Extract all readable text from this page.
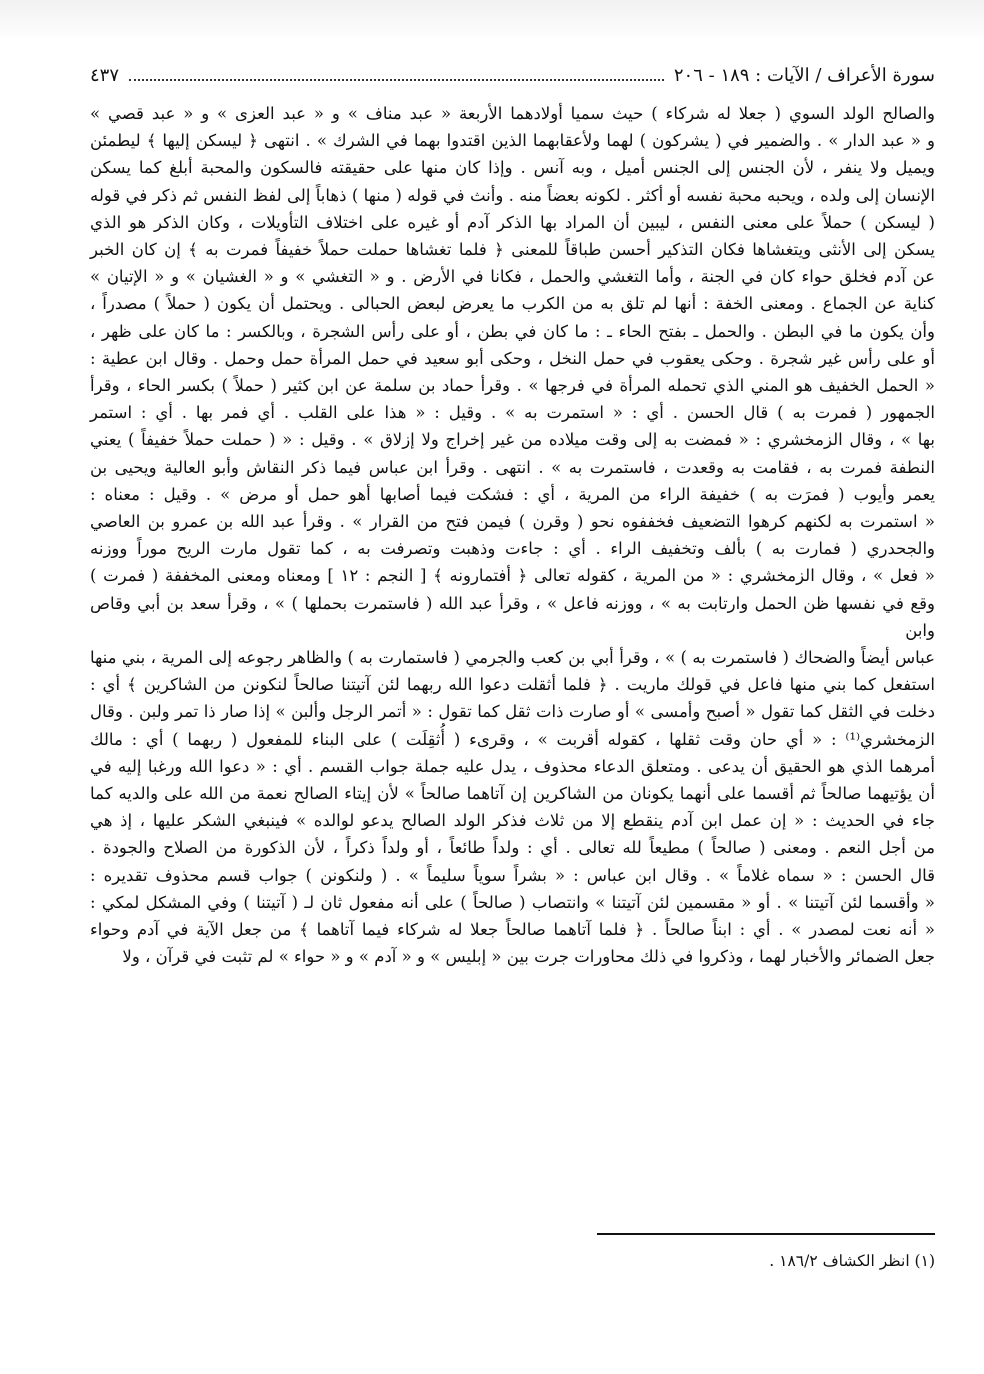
سورة الأعراف / الآيات : ١٨٩ - ٢٠٦
٤٣٧

والصالح الولد السوي ( جعلا له شركاء ) حيث سميا أولادهما الأربعة « عبد مناف » و « عبد العزى » و « عبد قصي »

و « عبد الدار » . والضمير في ( يشركون ) لهما ولأعقابهما الذين اقتدوا بهما في الشرك » . انتهى ﴿ ليسكن إليها ﴾ ليطمئن

ويميل ولا ينفر ، لأن الجنس إلى الجنس أميل ، وبه آنس . وإذا كان منها على حقيقته فالسكون والمحبة أبلغ كما يسكن

الإنسان إلى ولده ، ويحبه محبة نفسه أو أكثر . لكونه بعضاً منه . وأنث في قوله ( منها ) ذهاباً إلى لفظ النفس ثم ذكر في قوله

( ليسكن ) حملاً على معنى النفس ، ليبين أن المراد بها الذكر آدم أو غيره على اختلاف التأويلات ، وكان الذكر هو الذي

يسكن إلى الأنثى ويتغشاها فكان التذكير أحسن طباقاً للمعنى ﴿ فلما تغشاها حملت حملاً خفيفاً فمرت به ﴾ إن كان الخبر

عن آدم فخلق حواء كان في الجنة ، وأما التغشي والحمل ، فكانا في الأرض . و « التغشي » و « الغشيان » و « الإتيان »

كناية عن الجماع . ومعنى الخفة : أنها لم تلق به من الكرب ما يعرض لبعض الحبالى . ويحتمل أن يكون ( حملاً ) مصدراً ،

وأن يكون ما في البطن . والحمل ـ بفتح الحاء ـ : ما كان في بطن ، أو على رأس الشجرة ، وبالكسر : ما كان على ظهر ،

أو على رأس غير شجرة . وحكى يعقوب في حمل النخل ، وحكى أبو سعيد في حمل المرأة حمل وحمل . وقال ابن عطية :

« الحمل الخفيف هو المني الذي تحمله المرأة في فرجها » . وقرأ حماد بن سلمة عن ابن كثير ( حملاً ) بكسر الحاء ، وقرأ

الجمهور ( فمرت به ) قال الحسن . أي : « استمرت به » . وقيل : « هذا على القلب . أي فمر بها . أي : استمر

بها » ، وقال الزمخشري : « فمضت به إلى وقت ميلاده من غير إخراج ولا إزلاق » . وقيل : « ( حملت حملاً خفيفاً ) يعني

النطفة فمرت به ، فقامت به وقعدت ، فاستمرت به » . انتهى . وقرأ ابن عباس فيما ذكر النقاش وأبو العالية ويحيى بن

يعمر وأيوب ( فمرَت به ) خفيفة الراء من المرية ، أي : فشكت فيما أصابها أهو حمل أو مرض » . وقيل : معناه :

« استمرت به لكنهم كرهوا التضعيف فخففوه نحو ( وقرن ) فيمن فتح من القرار » . وقرأ عبد الله بن عمرو بن العاصي

والجحدري ( فمارت به ) بألف وتخفيف الراء . أي : جاءت وذهبت وتصرفت به ، كما تقول مارت الريح موراً ووزنه

« فعل » ، وقال الزمخشري : « من المرية ، كقوله تعالى ﴿ أفتمارونه ﴾ [ النجم : ١٢ ] ومعناه ومعنى المخففة ( فمرت )

وقع في نفسها ظن الحمل وارتابت به » ، ووزنه فاعل » ، وقرأ عبد الله ( فاستمرت بحملها ) » ، وقرأ سعد بن أبي وقاص وابن

عباس أيضاً والضحاك ( فاستمرت به ) » ، وقرأ أبي بن كعب والجرمي ( فاستمارت به ) والظاهر رجوعه إلى المرية ، بني منها

استفعل كما بني منها فاعل في قولك ماريت . ﴿ فلما أثقلت دعوا الله ربهما لئن آتيتنا صالحاً لنكونن من الشاكرين ﴾ أي :

دخلت في الثقل كما تقول « أصبح وأمسى » أو صارت ذات ثقل كما تقول : « أتمر الرجل وألبن » إذا صار ذا تمر ولبن . وقال

الزمخشري⁽¹⁾ : « أي حان وقت ثقلها ، كقوله أقربت » ، وقرىء ( أُثقِلَت ) على البناء للمفعول ( ربهما ) أي : مالك

أمرهما الذي هو الحقيق أن يدعى . ومتعلق الدعاء محذوف ، يدل عليه جملة جواب القسم . أي : « دعوا الله ورغبا إليه في

أن يؤتيهما صالحاً ثم أقسما على أنهما يكونان من الشاكرين إن آتاهما صالحاً » لأن إيتاء الصالح نعمة من الله على والديه كما

جاء في الحديث : « إن عمل ابن آدم ينقطع إلا من ثلاث فذكر الولد الصالح يدعو لوالده » فينبغي الشكر عليها ، إذ هي

من أجل النعم . ومعنى ( صالحاً ) مطيعاً لله تعالى . أي : ولداً طائعاً ، أو ولداً ذكراً ، لأن الذكورة من الصلاح والجودة .

قال الحسن : « سماه غلاماً » . وقال ابن عباس : « بشراً سوياً سليماً » . ( ولنكونن ) جواب قسم محذوف تقديره :

« وأقسما لئن آتيتنا » . أو « مقسمين لئن آتيتنا » وانتصاب ( صالحاً ) على أنه مفعول ثان لـ ( آتيتنا ) وفي المشكل لمكي :

« أنه نعت لمصدر » . أي : ابناً صالحاً . ﴿ فلما آتاهما صالحاً جعلا له شركاء فيما آتاهما ﴾ من جعل الآية في آدم وحواء

جعل الضمائر والأخبار لهما ، وذكروا في ذلك محاورات جرت بين « إبليس » و « آدم » و « حواء » لم تثبت في قرآن ، ولا

(١) انظر الكشاف ١٨٦/٢ .
